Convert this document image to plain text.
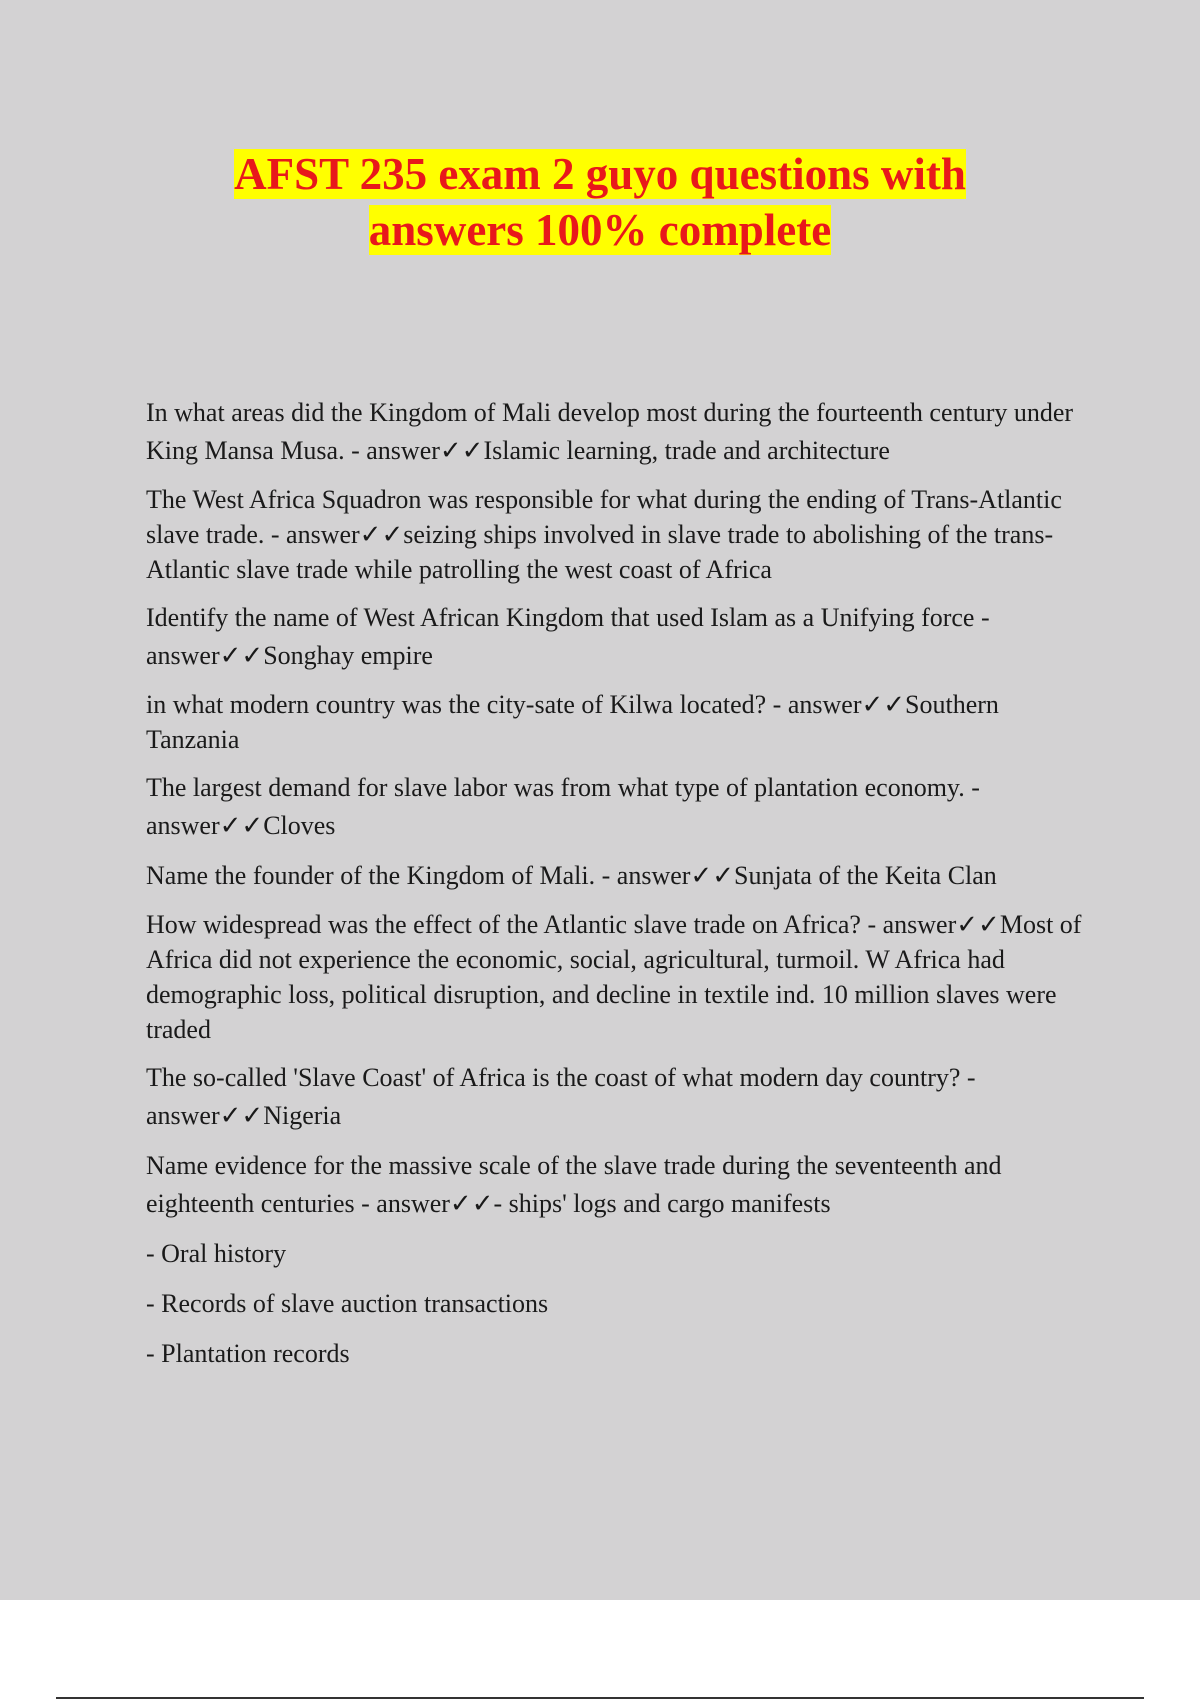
AFST 235 exam 2 guyo questions with
answers 100% complete

In what areas did the Kingdom of Mali develop most during the fourteenth century under King Mansa Musa. - answer✓✓Islamic learning, trade and architecture

The West Africa Squadron was responsible for what during the ending of Trans-Atlantic slave trade. - answer✓✓seizing ships involved in slave trade to abolishing of the trans-Atlantic slave trade while patrolling the west coast of Africa

Identify the name of West African Kingdom that used Islam as a Unifying force - answer✓✓Songhay empire

in what modern country was the city-sate of Kilwa located? - answer✓✓Southern Tanzania

The largest demand for slave labor was from what type of plantation economy. - answer✓✓Cloves

Name the founder of the Kingdom of Mali. - answer✓✓Sunjata of the Keita Clan

How widespread was the effect of the Atlantic slave trade on Africa? - answer✓✓Most of Africa did not experience the economic, social, agricultural, turmoil. W Africa had demographic loss, political disruption, and decline in textile ind. 10 million slaves were traded

The so-called 'Slave Coast' of Africa is the coast of what modern day country? - answer✓✓Nigeria

Name evidence for the massive scale of the slave trade during the seventeenth and eighteenth centuries - answer✓✓- ships' logs and cargo manifests

- Oral history

- Records of slave auction transactions

- Plantation records
